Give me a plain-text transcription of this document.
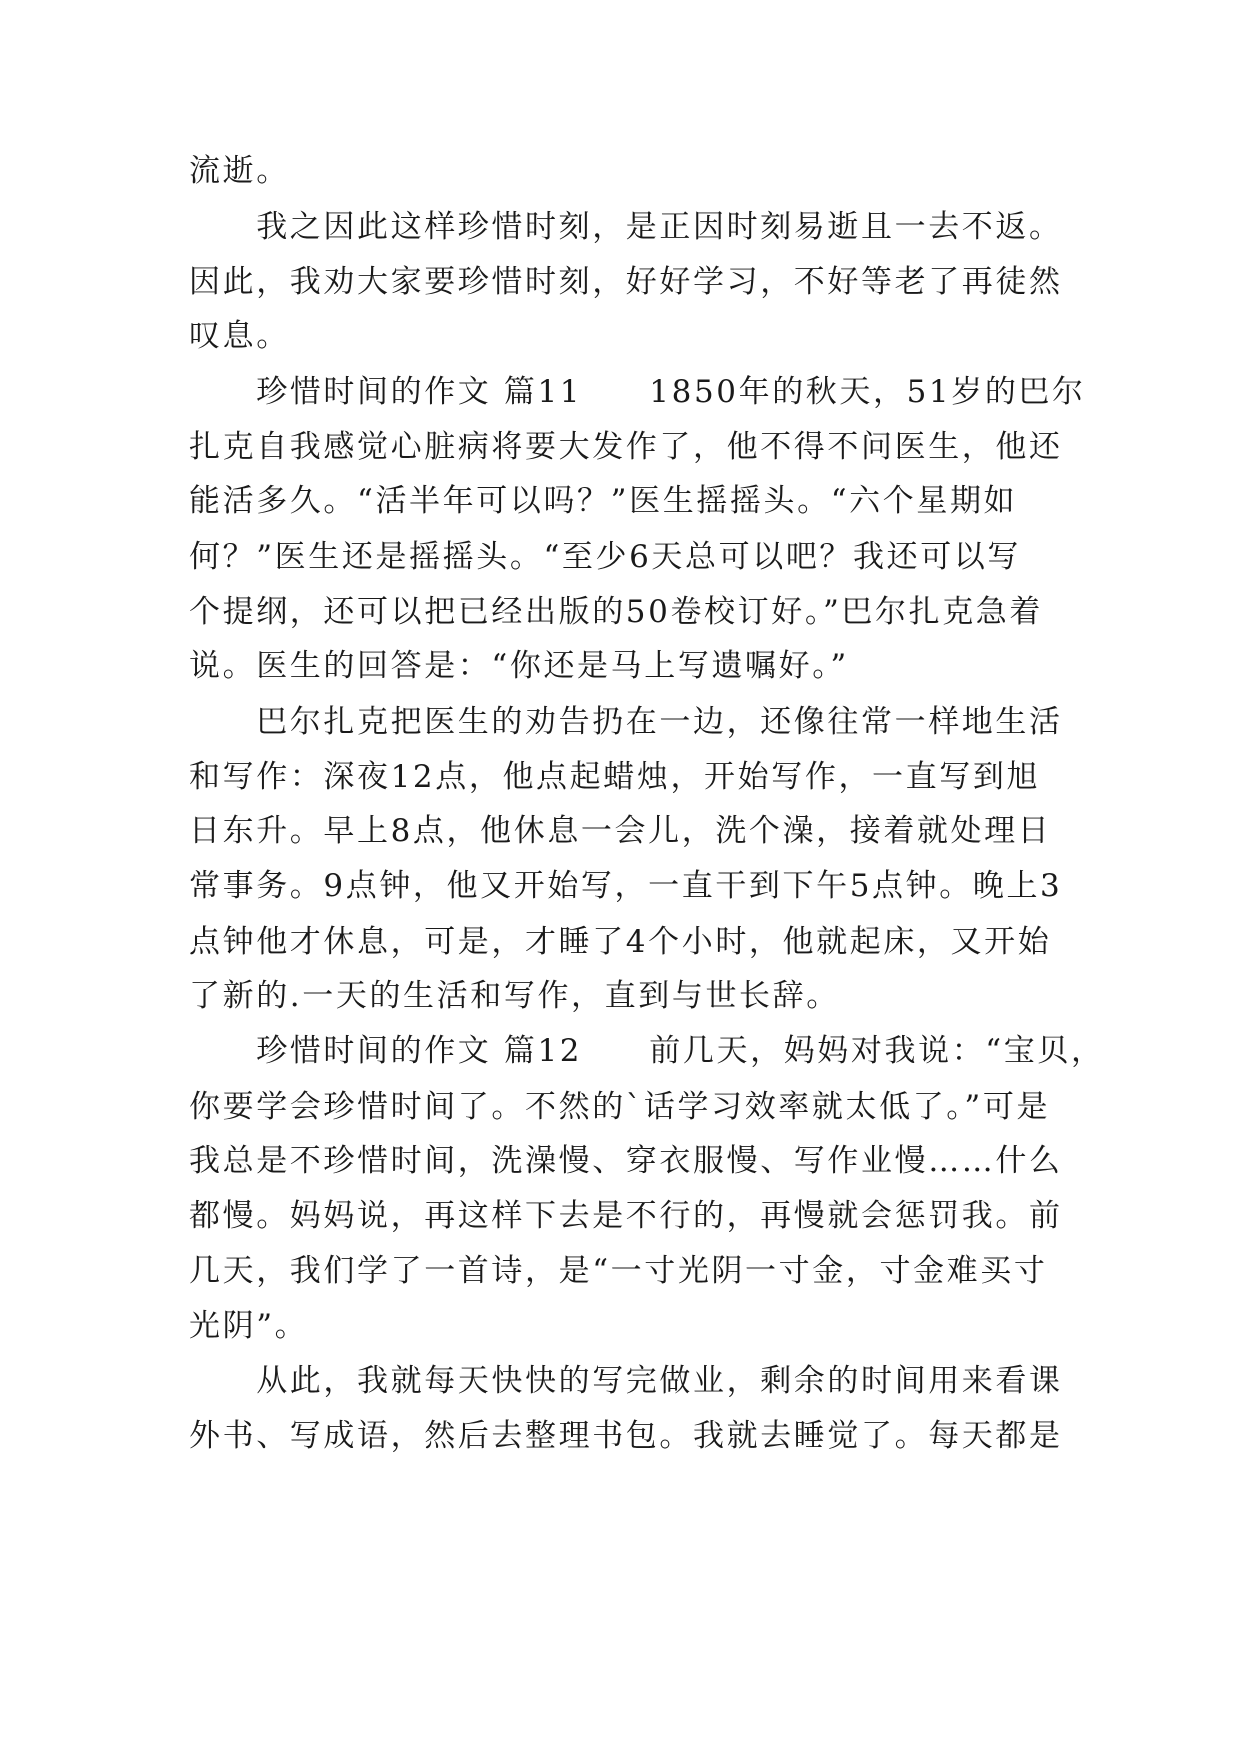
流逝。
　　我之因此这样珍惜时刻，是正因时刻易逝且一去不返。
因此，我劝大家要珍惜时刻，好好学习，不好等老了再徒然
叹息。
　　珍惜时间的作文 篇11　　1850年的秋天，51岁的巴尔
扎克自我感觉心脏病将要大发作了，他不得不问医生，他还
能活多久。“活半年可以吗？”医生摇摇头。“六个星期如
何？”医生还是摇摇头。“至少6天总可以吧？我还可以写
个提纲，还可以把已经出版的50卷校订好。”巴尔扎克急着
说。医生的回答是：“你还是马上写遗嘱好。”
　　巴尔扎克把医生的劝告扔在一边，还像往常一样地生活
和写作：深夜12点，他点起蜡烛，开始写作，一直写到旭
日东升。早上8点，他休息一会儿，洗个澡，接着就处理日
常事务。9点钟，他又开始写，一直干到下午5点钟。晚上3
点钟他才休息，可是，才睡了4个小时，他就起床，又开始
了新的.一天的生活和写作，直到与世长辞。
　　珍惜时间的作文 篇12　　前几天，妈妈对我说：“宝贝，
你要学会珍惜时间了。不然的`话学习效率就太低了。”可是
我总是不珍惜时间，洗澡慢、穿衣服慢、写作业慢……什么
都慢。妈妈说，再这样下去是不行的，再慢就会惩罚我。前
几天，我们学了一首诗，是“一寸光阴一寸金，寸金难买寸
光阴”。
　　从此，我就每天快快的写完做业，剩余的时间用来看课
外书、写成语，然后去整理书包。我就去睡觉了。每天都是
